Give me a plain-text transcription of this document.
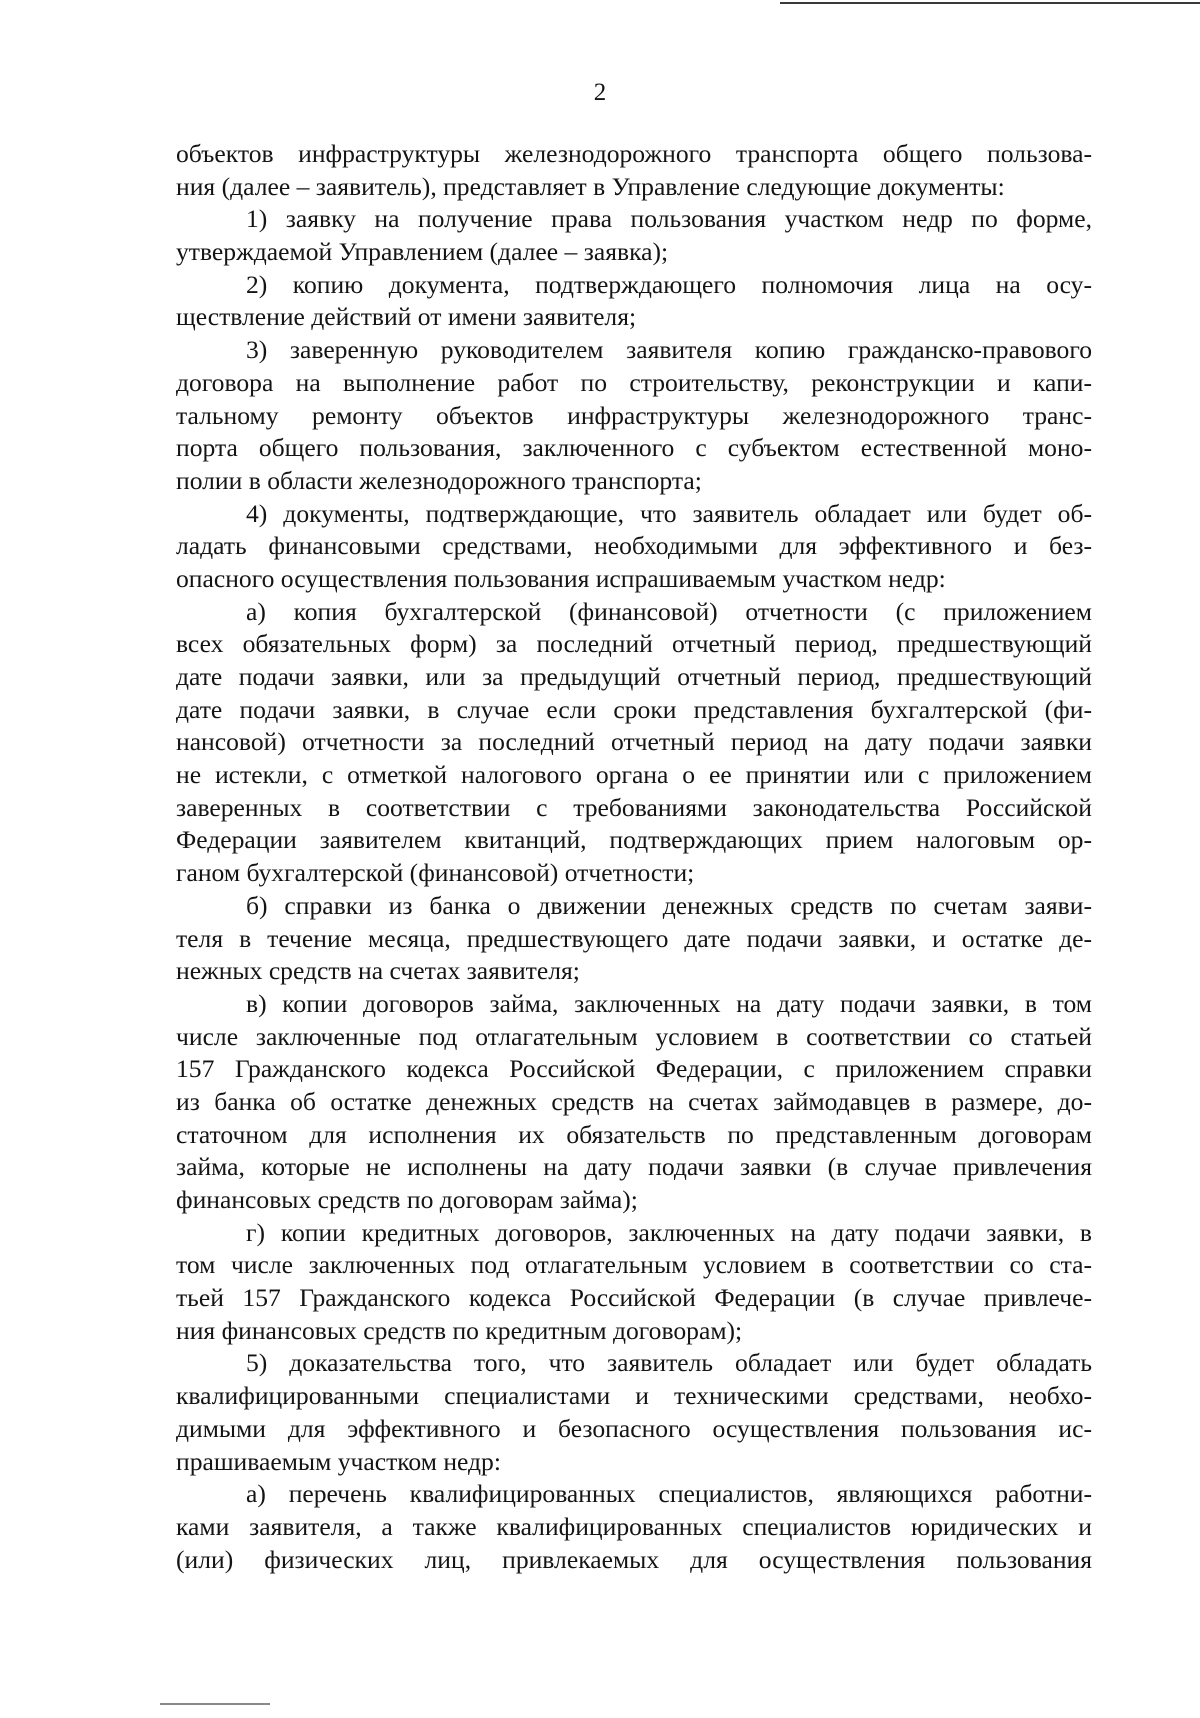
2
объектов инфраструктуры железнодорожного транспорта общего пользова-
ния (далее – заявитель), представляет в Управление следующие документы:
1) заявку на получение права пользования участком недр по форме,
утверждаемой Управлением (далее – заявка);
2) копию документа, подтверждающего полномочия лица на осу-
ществление действий от имени заявителя;
3) заверенную руководителем заявителя копию гражданско-правового
договора на выполнение работ по строительству, реконструкции и капи-
тальному ремонту объектов инфраструктуры железнодорожного транс-
порта общего пользования, заключенного с субъектом естественной моно-
полии в области железнодорожного транспорта;
4) документы, подтверждающие, что заявитель обладает или будет об-
ладать финансовыми средствами, необходимыми для эффективного и без-
опасного осуществления пользования испрашиваемым участком недр:
а) копия бухгалтерской (финансовой) отчетности (с приложением
всех обязательных форм) за последний отчетный период, предшествующий
дате подачи заявки, или за предыдущий отчетный период, предшествующий
дате подачи заявки, в случае если сроки представления бухгалтерской (фи-
нансовой) отчетности за последний отчетный период на дату подачи заявки
не истекли, с отметкой налогового органа о ее принятии или с приложением
заверенных в соответствии с требованиями законодательства Российской
Федерации заявителем квитанций, подтверждающих прием налоговым ор-
ганом бухгалтерской (финансовой) отчетности;
б) справки из банка о движении денежных средств по счетам заяви-
теля в течение месяца, предшествующего дате подачи заявки, и остатке де-
нежных средств на счетах заявителя;
в) копии договоров займа, заключенных на дату подачи заявки, в том
числе заключенные под отлагательным условием в соответствии со статьей
157 Гражданского кодекса Российской Федерации, с приложением справки
из банка об остатке денежных средств на счетах займодавцев в размере, до-
статочном для исполнения их обязательств по представленным договорам
займа, которые не исполнены на дату подачи заявки (в случае привлечения
финансовых средств по договорам займа);
г) копии кредитных договоров, заключенных на дату подачи заявки, в
том числе заключенных под отлагательным условием в соответствии со ста-
тьей 157 Гражданского кодекса Российской Федерации (в случае привлече-
ния финансовых средств по кредитным договорам);
5) доказательства того, что заявитель обладает или будет обладать
квалифицированными специалистами и техническими средствами, необхо-
димыми для эффективного и безопасного осуществления пользования ис-
прашиваемым участком недр:
а) перечень квалифицированных специалистов, являющихся работни-
ками заявителя, а также квалифицированных специалистов юридических и
(или) физических лиц, привлекаемых для осуществления пользования
